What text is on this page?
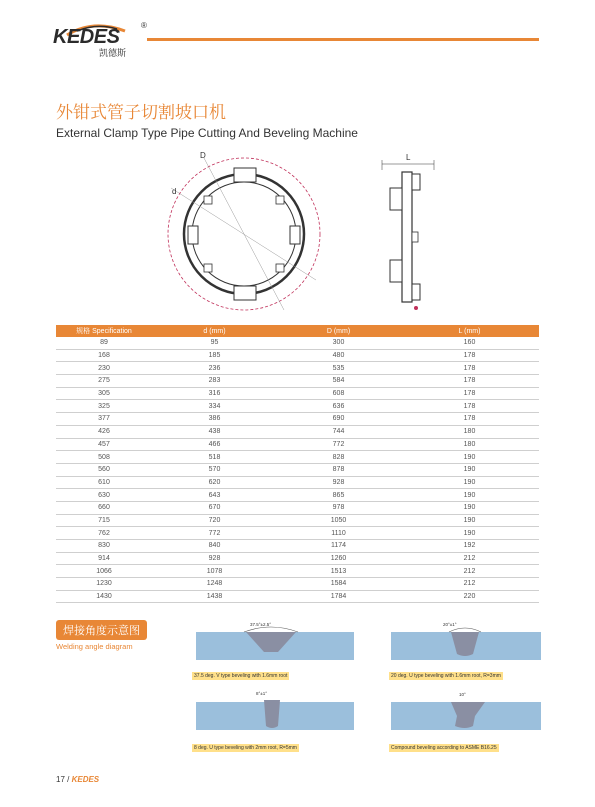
KEDES
凯德斯
®
外钳式管子切割坡口机
External Clamp Type Pipe Cutting And Beveling Machine
D
d
L
规格 Specification	d (mm)	D (mm)	L (mm)
89	95	300	160
168	185	480	178
230	236	535	178
275	283	584	178
305	316	608	178
325	334	636	178
377	386	690	178
426	438	744	180
457	466	772	180
508	518	828	190
560	570	878	190
610	620	928	190
630	643	865	190
660	670	978	190
715	720	1050	190
762	772	1110	190
830	840	1174	192
914	928	1260	212
1066	1078	1513	212
1230	1248	1584	212
1430	1438	1784	220
焊接角度示意图
Welding angle diagram
37.5°±2.5°
37.5 deg. V type beveling with 1.6mm root
20°±1°
20 deg. U type beveling with 1.6mm root, R=3mm
8°±1°
8 deg. U type beveling with 2mm root, R=5mm
10°
Compound beveling according to ASME B16.25
17 / KEDES
